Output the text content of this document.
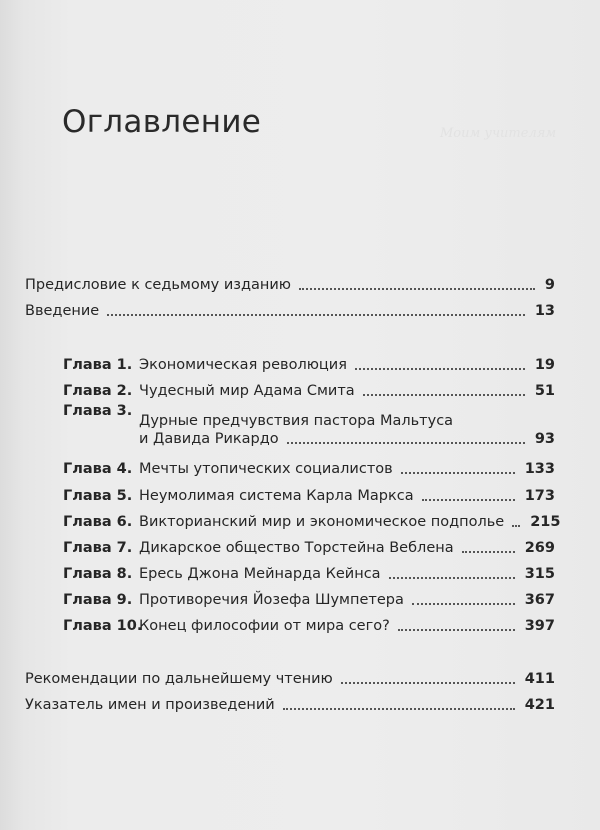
Оглавление	Моим учителям
Предисловие к седьмому изданию	9
Введение	13
Глава 1. Экономическая революция	19
Глава 2. Чудесный мир Адама Смита	51
Глава 3.
Дурные предчувствия пастора Мальтуса
и Давида Рикардо	93
Глава 4. Мечты утопических социалистов	133
Глава 5. Неумолимая система Карла Маркса	173
Глава 6. Викторианский мир и экономическое подполье 215
Глава 7. Дикарское общество Торстейна Веблена	269
Глава 8. Ересь Джона Мейнарда Кейнса	315
Глава 9. Противоречия Йозефа Шумпетера	367
Глава 10.
Конец философии от мира сего?	397
Рекомендации по дальнейшему чтению	411
Указатель имен и произведений	421
